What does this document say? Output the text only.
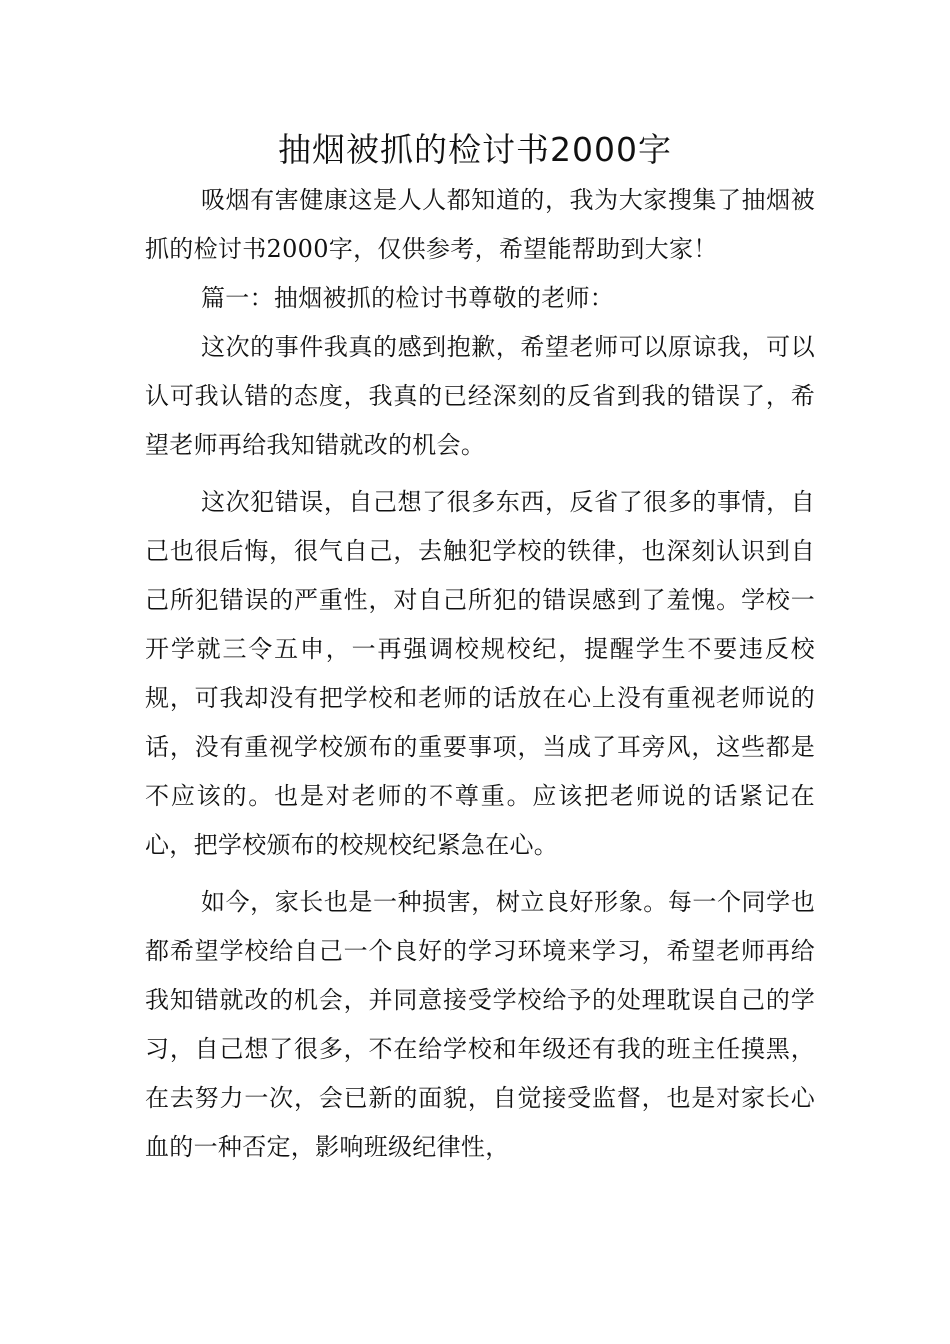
抽烟被抓的检讨书2000字

吸烟有害健康这是人人都知道的，我为大家搜集了抽烟被抓的检讨书2000字，仅供参考，希望能帮助到大家！

篇一：抽烟被抓的检讨书尊敬的老师：

这次的事件我真的感到抱歉，希望老师可以原谅我，可以认可我认错的态度，我真的已经深刻的反省到我的错误了，希望老师再给我知错就改的机会。

这次犯错误，自己想了很多东西，反省了很多的事情，自己也很后悔，很气自己，去触犯学校的铁律，也深刻认识到自己所犯错误的严重性，对自己所犯的错误感到了羞愧。学校一开学就三令五申，一再强调校规校纪，提醒学生不要违反校规，可我却没有把学校和老师的话放在心上没有重视老师说的话，没有重视学校颁布的重要事项，当成了耳旁风，这些都是不应该的。也是对老师的不尊重。应该把老师说的话紧记在心，把学校颁布的校规校纪紧急在心。

如今，家长也是一种损害，树立良好形象。每一个同学也都希望学校给自己一个良好的学习环境来学习，希望老师再给我知错就改的机会，并同意接受学校给予的处理耽误自己的学习，自己想了很多，不在给学校和年级还有我的班主任摸黑，在去努力一次，会已新的面貌，自觉接受监督，也是对家长心血的一种否定，影响班级纪律性，
